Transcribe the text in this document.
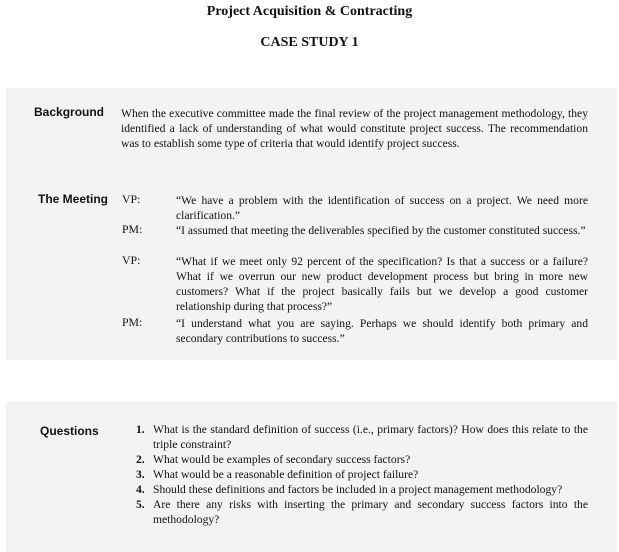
Project Acquisition & Contracting
CASE STUDY 1
Background When the executive committee made the final review of the project management methodology, they identified a lack of understanding of what would constitute project success. The recommendation was to establish some type of criteria that would identify project success.
The Meeting VP:	“We have a problem with the identification of success on a project. We need more clarification.”
PM:	“I assumed that meeting the deliverables specified by the customer constituted success.”
VP:	“What if we meet only 92 percent of the specification? Is that a success or a failure? What if we overrun our new product development process but bring in more new customers? What if the project basically fails but we develop a good customer relationship during that process?”
PM:	“I understand what you are saying. Perhaps we should identify both primary and secondary contributions to success.”
Questions	1. What is the standard definition of success (i.e., primary factors)? How does this relate to the triple constraint?
2. What would be examples of secondary success factors?
3. What would be a reasonable definition of project failure?
4. Should these definitions and factors be included in a project management methodology?
5. Are there any risks with inserting the primary and secondary success factors into the methodology?
